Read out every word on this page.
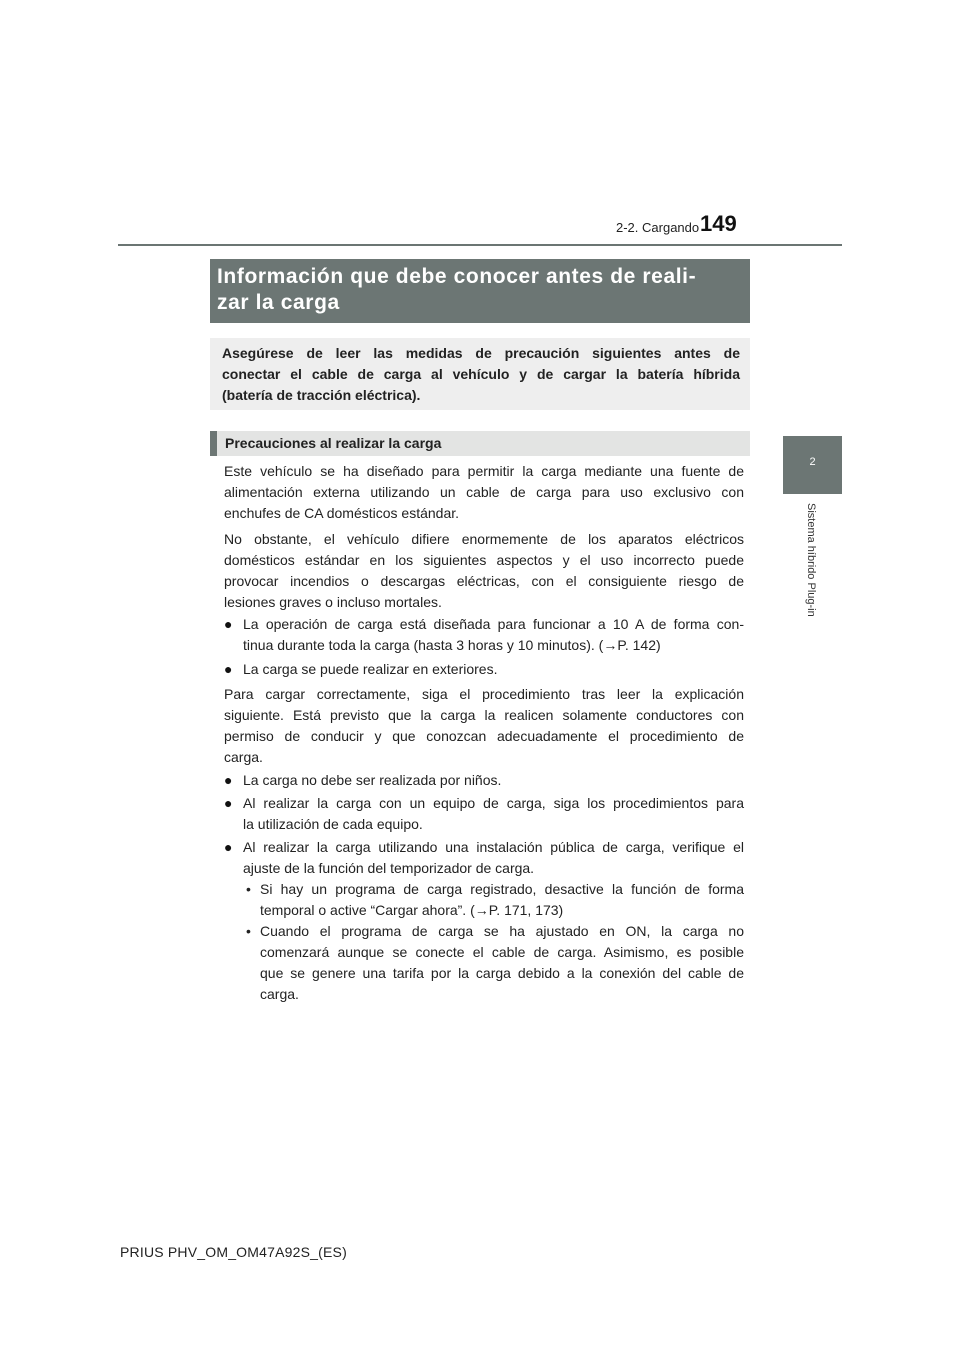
2-2. Cargando 149
2
Sistema híbrido Plug-in
Información que debe conocer antes de reali-
zar la carga
Asegúrese de leer las medidas de precaución siguientes antes de
conectar el cable de carga al vehículo y de cargar la batería híbrida
(batería de tracción eléctrica).
Precauciones al realizar la carga
Este vehículo se ha diseñado para permitir la carga mediante una fuente de
alimentación externa utilizando un cable de carga para uso exclusivo con
enchufes de CA domésticos estándar.
No obstante, el vehículo difiere enormemente de los aparatos eléctricos
domésticos estándar en los siguientes aspectos y el uso incorrecto puede
provocar incendios o descargas eléctricas, con el consiguiente riesgo de
lesiones graves o incluso mortales.
● La operación de carga está diseñada para funcionar a 10 A de forma con-
tinua durante toda la carga (hasta 3 horas y 10 minutos). (→P. 142)
● La carga se puede realizar en exteriores.
Para cargar correctamente, siga el procedimiento tras leer la explicación
siguiente. Está previsto que la carga la realicen solamente conductores con
permiso de conducir y que conozcan adecuadamente el procedimiento de
carga.
● La carga no debe ser realizada por niños.
● Al realizar la carga con un equipo de carga, siga los procedimientos para
la utilización de cada equipo.
● Al realizar la carga utilizando una instalación pública de carga, verifique el
ajuste de la función del temporizador de carga.
• Si hay un programa de carga registrado, desactive la función de forma
temporal o active “Cargar ahora”. (→P. 171, 173)
• Cuando el programa de carga se ha ajustado en ON, la carga no
comenzará aunque se conecte el cable de carga. Asimismo, es posible
que se genere una tarifa por la carga debido a la conexión del cable de
carga.
PRIUS PHV_OM_OM47A92S_(ES)
